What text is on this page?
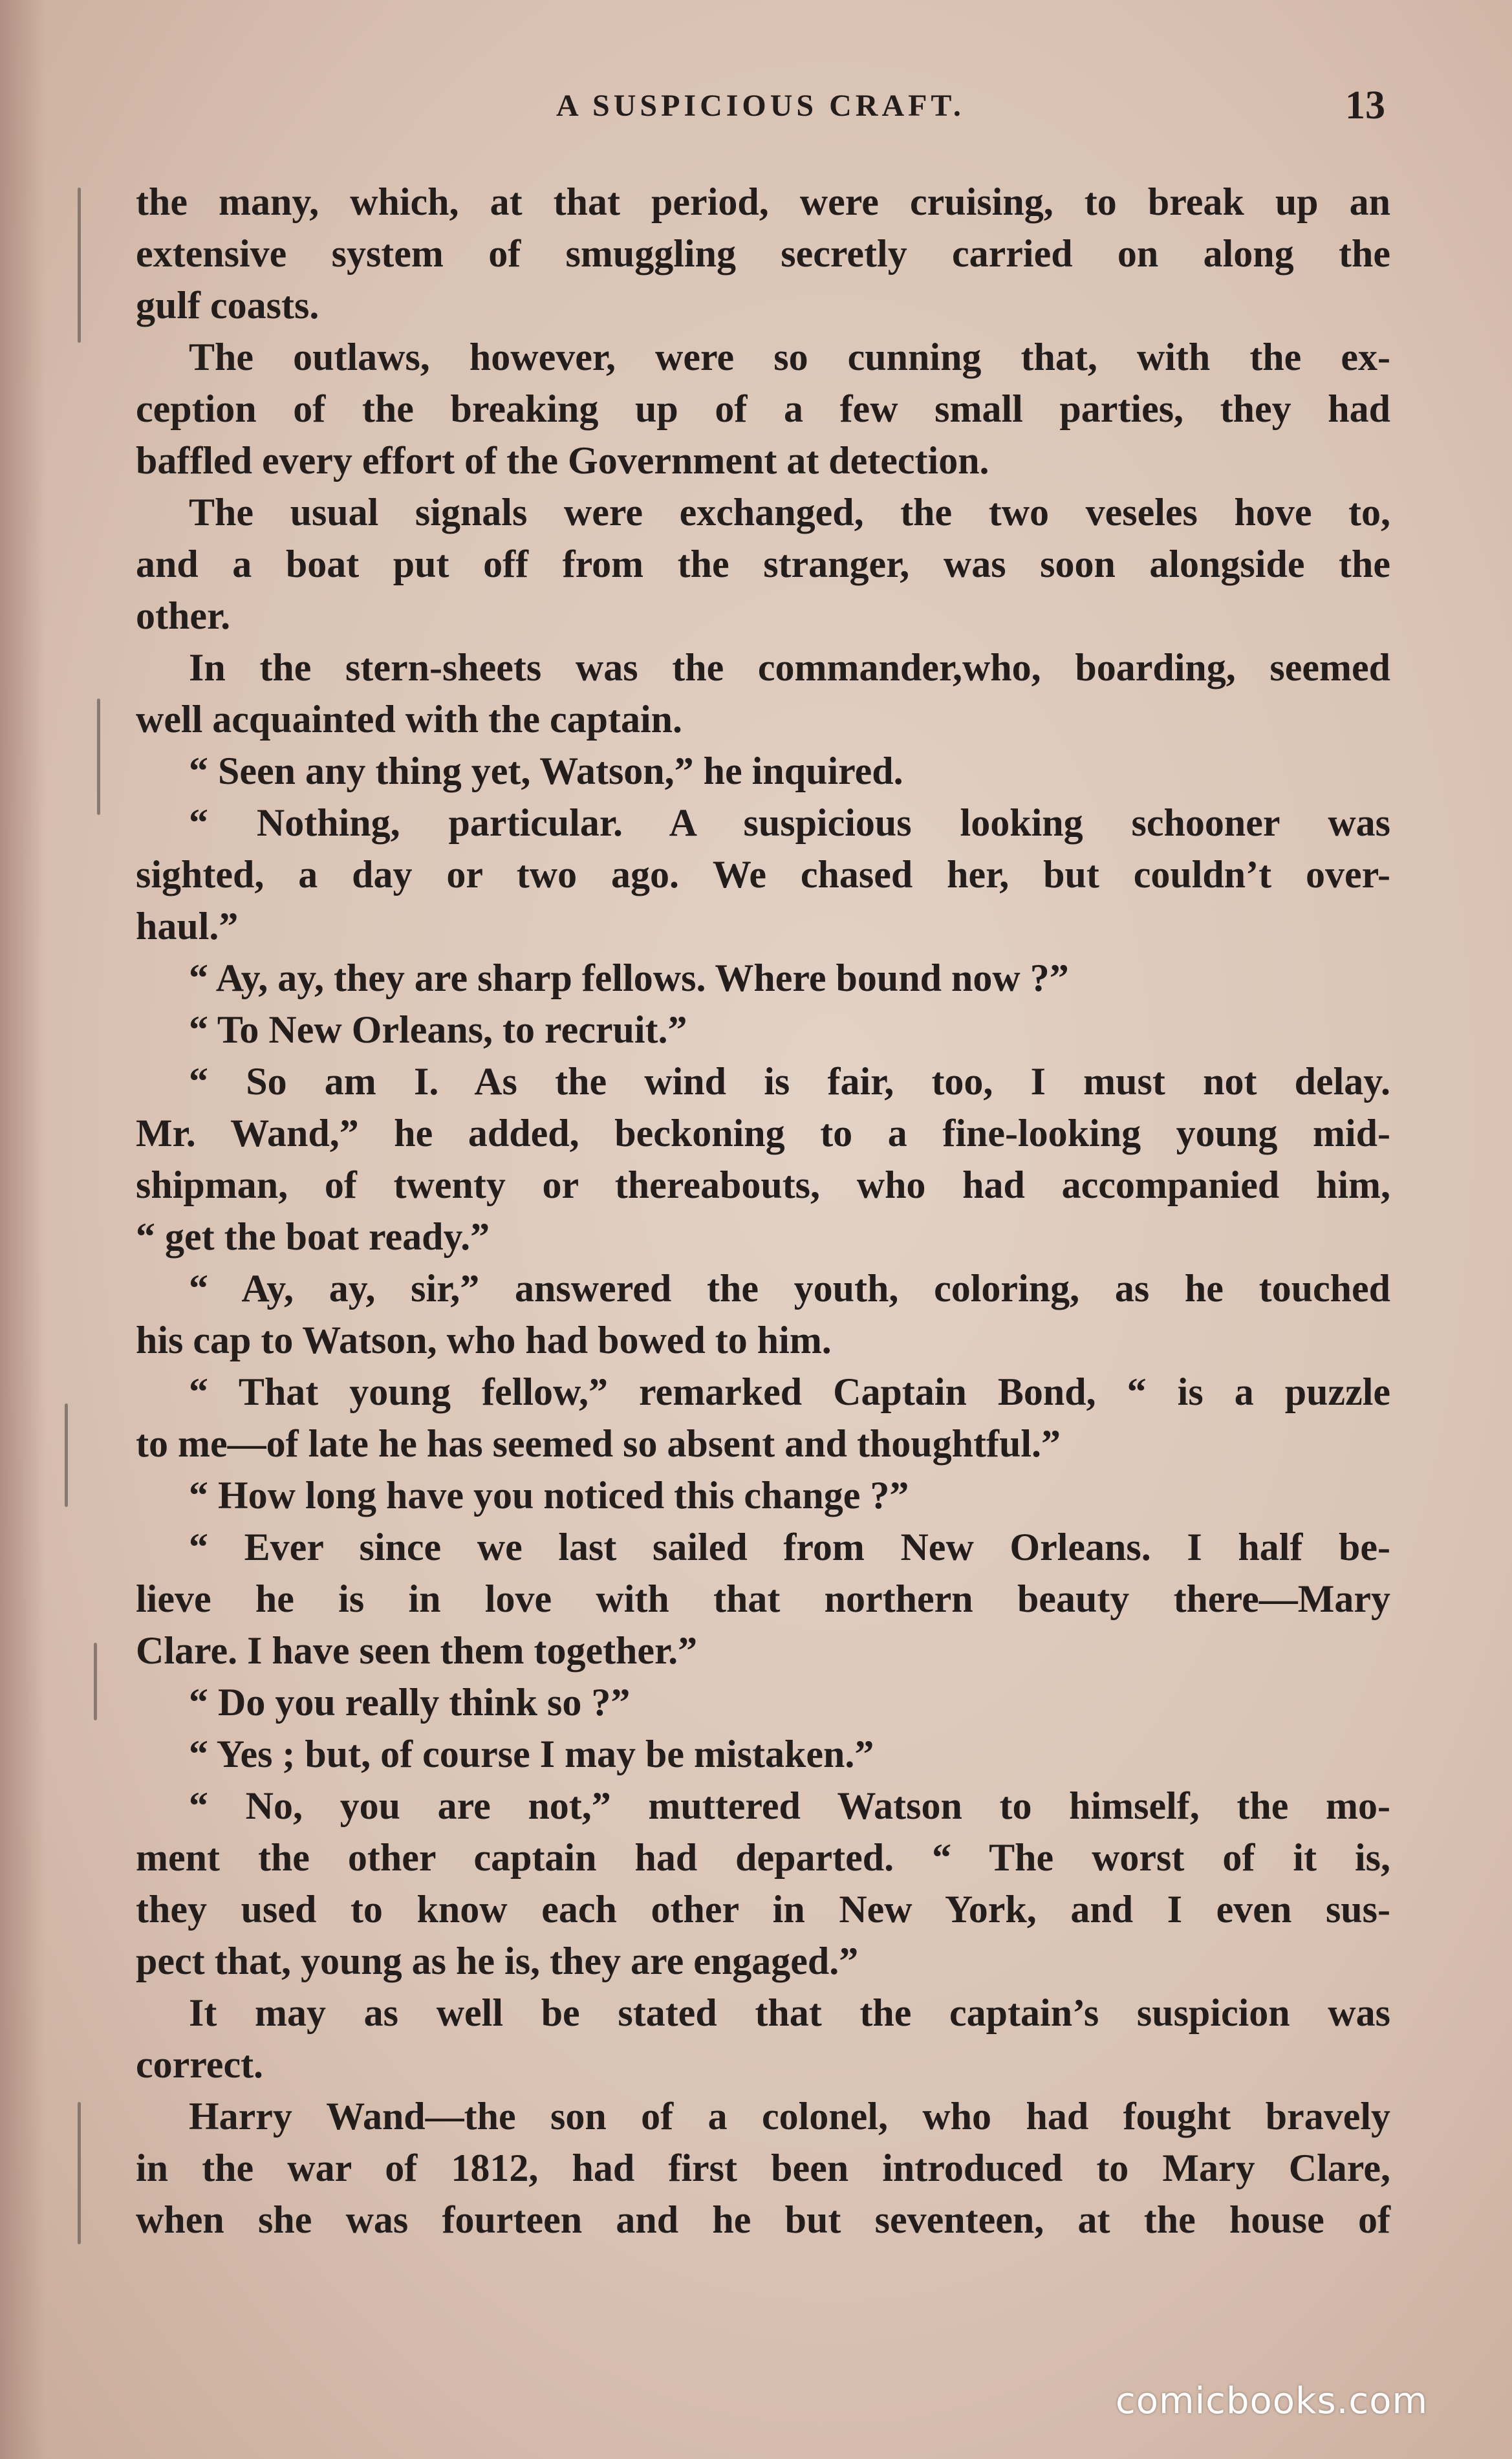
A SUSPICIOUS CRAFT.	13
the many, which, at that period, were cruising, to break up an
extensive system of smuggling secretly carried on along the
gulf coasts.
The outlaws, however, were so cunning that, with the ex-
ception of the breaking up of a few small parties, they had
baffled every effort of the Government at detection.
The usual signals were exchanged, the two veseles hove to,
and a boat put off from the stranger, was soon alongside the
other.
In the stern-sheets was the commander,who, boarding, seemed
well acquainted with the captain.
“ Seen any thing yet, Watson,” he inquired.
“ Nothing, particular. A suspicious looking schooner was
sighted, a day or two ago. We chased her, but couldn’t over-
haul.”
“ Ay, ay, they are sharp fellows. Where bound now ?”
“ To New Orleans, to recruit.”
“ So am I. As the wind is fair, too, I must not delay.
Mr. Wand,” he added, beckoning to a fine-looking young mid-
shipman, of twenty or thereabouts, who had accompanied him,
“ get the boat ready.”
“ Ay, ay, sir,” answered the youth, coloring, as he touched
his cap to Watson, who had bowed to him.
“ That young fellow,” remarked Captain Bond, “ is a puzzle
to me—of late he has seemed so absent and thoughtful.”
“ How long have you noticed this change ?”
“ Ever since we last sailed from New Orleans. I half be-
lieve he is in love with that northern beauty there—Mary
Clare. I have seen them together.”
“ Do you really think so ?”
“ Yes ; but, of course I may be mistaken.”
“ No, you are not,” muttered Watson to himself, the mo-
ment the other captain had departed. “ The worst of it is,
they used to know each other in New York, and I even sus-
pect that, young as he is, they are engaged.”
It may as well be stated that the captain’s suspicion was
correct.
Harry Wand—the son of a colonel, who had fought bravely
in the war of 1812, had first been introduced to Mary Clare,
when she was fourteen and he but seventeen, at the house of
comicbooks.com
